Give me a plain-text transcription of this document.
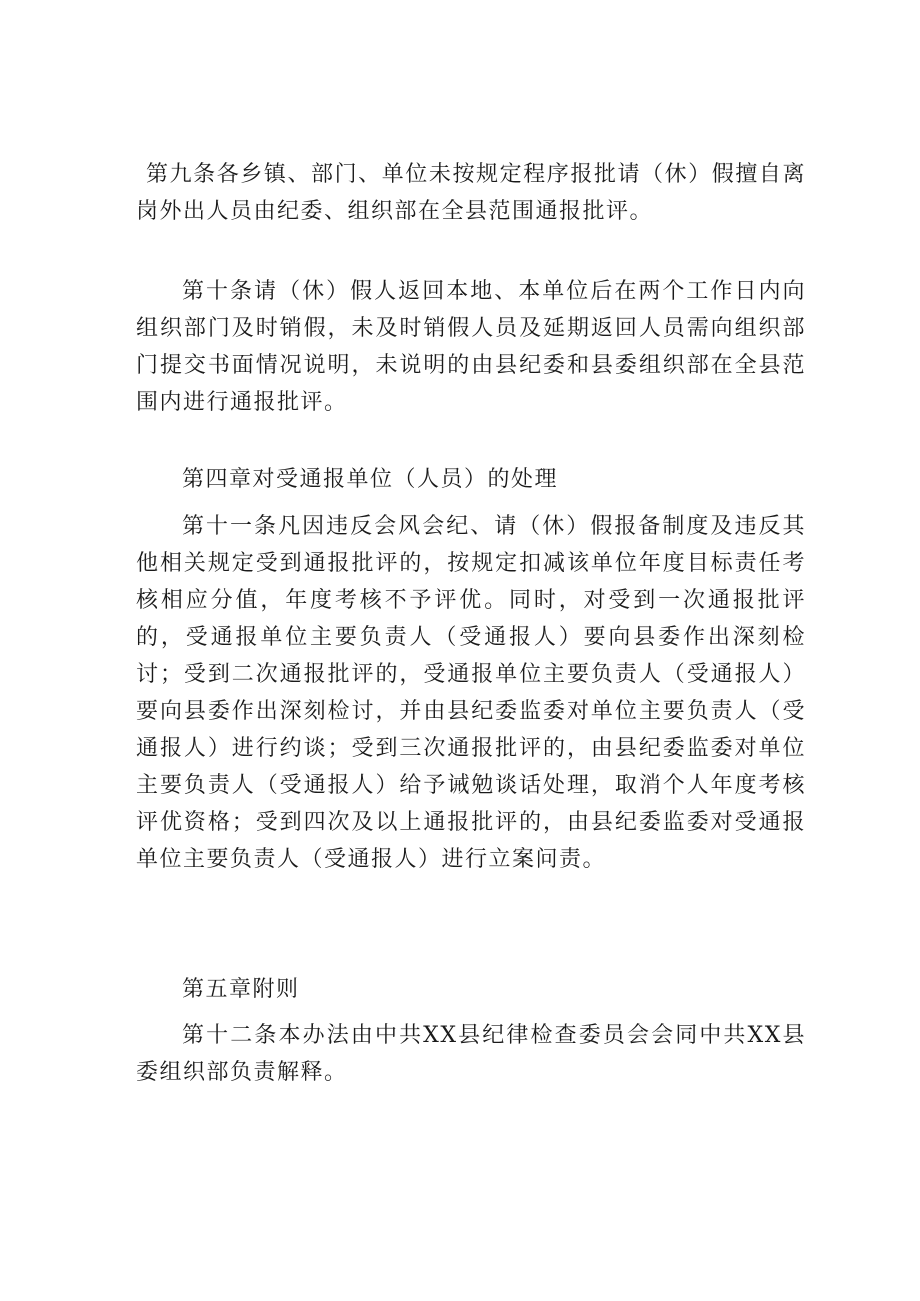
第九条各乡镇、部门、单位未按规定程序报批请（休）假擅自离岗外出人员由纪委、组织部在全县范围通报批评。

第十条请（休）假人返回本地、本单位后在两个工作日内向组织部门及时销假，未及时销假人员及延期返回人员需向组织部门提交书面情况说明，未说明的由县纪委和县委组织部在全县范围内进行通报批评。

第四章对受通报单位（人员）的处理

第十一条凡因违反会风会纪、请（休）假报备制度及违反其他相关规定受到通报批评的，按规定扣减该单位年度目标责任考核相应分值，年度考核不予评优。同时，对受到一次通报批评的，受通报单位主要负责人（受通报人）要向县委作出深刻检讨；受到二次通报批评的，受通报单位主要负责人（受通报人）要向县委作出深刻检讨，并由县纪委监委对单位主要负责人（受通报人）进行约谈；受到三次通报批评的，由县纪委监委对单位主要负责人（受通报人）给予诫勉谈话处理，取消个人年度考核评优资格；受到四次及以上通报批评的，由县纪委监委对受通报单位主要负责人（受通报人）进行立案问责。

第五章附则

第十二条本办法由中共XX县纪律检查委员会会同中共XX县委组织部负责解释。
